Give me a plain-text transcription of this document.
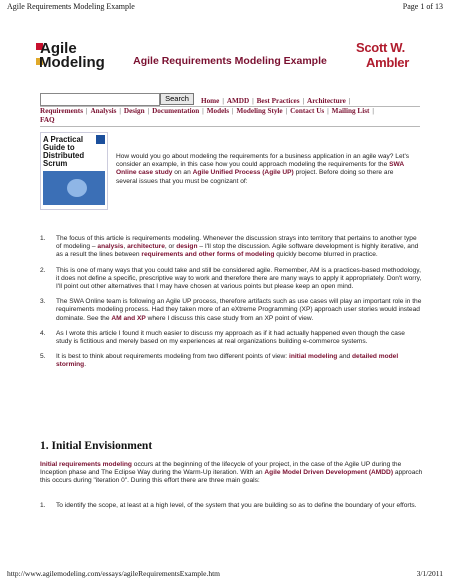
Agile Requirements Modeling Example	Page 1 of 13
Agile
Modeling	Agile Requirements Modeling Example
Scott W.
Ambler
Search	Home | AMDD | Best Practices | Architecture |
Requirements | Analysis | Design | Documentation | Models | Modeling Style | Contact Us | Mailing List |
FAQ
A Practical Guide to Distributed Scrum
How would you go about modeling the requirements for a business application in an agile way? Let's consider an example, in this case how you could approach modeling the requirements for the SWA Online case study on an Agile Unified Process (Agile UP) project. Before doing so there are several issues that you must be cognizant of:
1. The focus of this article is requirements modeling. Whenever the discussion strays into territory that pertains to another type of modeling – analysis, architecture, or design – I'll stop the discussion. Agile software development is highly iterative, and as a result the lines between requirements and other forms of modeling quickly become blurred in practice.
2. This is one of many ways that you could take and still be considered agile. Remember, AM is a practices-based methodology, it does not define a specific, prescriptive way to work and therefore there are many ways to apply it appropriately. Don't worry, I'll point out other alternatives that I may have chosen at various points but please keep an open mind.
3. The SWA Online team is following an Agile UP process, therefore artifacts such as use cases will play an important role in the requirements modeling process. Had they taken more of an eXtreme Programming (XP) approach user stories would instead dominate. See the AM and XP where I discuss this case study from an XP point of view.
4. As I wrote this article I found it much easier to discuss my approach as if it had actually happened even though the case study is fictitious and merely based on my experiences at real organizations building e-commerce systems.
5. It is best to think about requirements modeling from two different points of view: initial modeling and detailed model storming.
1. Initial Envisionment
Initial requirements modeling occurs at the beginning of the lifecycle of your project, in the case of the Agile UP during the Inception phase and The Eclipse Way during the Warm-Up iteration. With an Agile Model Driven Development (AMDD) approach this occurs during "iteration 0". During this effort there are three main goals:
1. To identify the scope, at least at a high level, of the system that you are building so as to define the boundary of your efforts.
http://www.agilemodeling.com/essays/agileRequirementsExample.htm	3/1/2011
